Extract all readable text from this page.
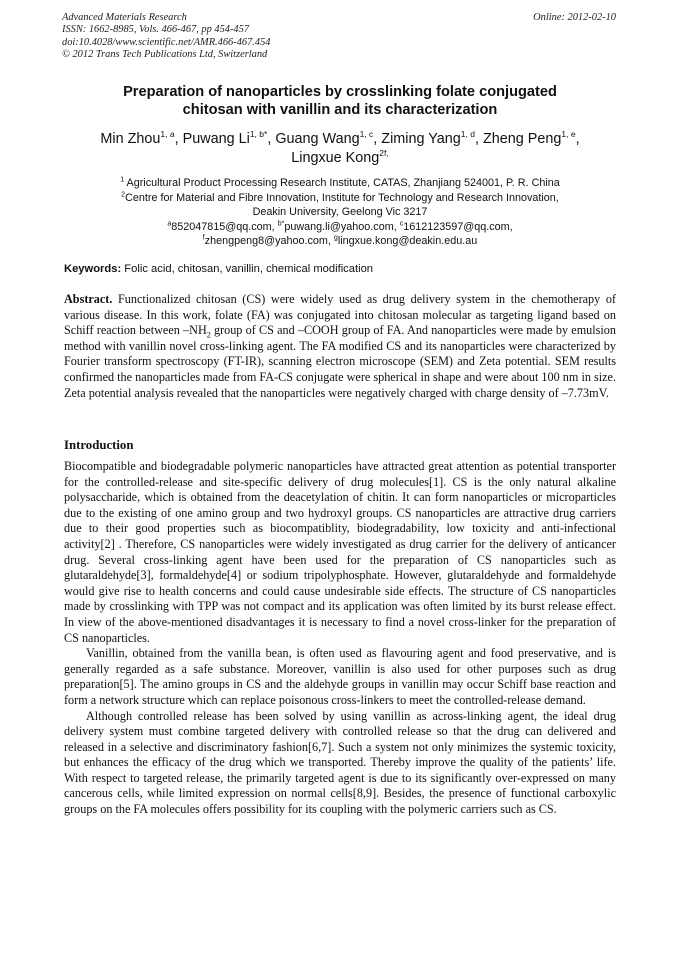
Advanced Materials Research
ISSN: 1662-8985, Vols. 466-467, pp 454-457
doi:10.4028/www.scientific.net/AMR.466-467.454
© 2012 Trans Tech Publications Ltd, Switzerland
Online: 2012-02-10
Preparation of nanoparticles by crosslinking folate conjugated
chitosan with vanillin and its characterization
Min Zhou$^{1, a}$, Puwang $Li^{1, b*}$, Guang Wang$^{1, c}$, Ziming Yang$^{1, d}$, Zheng Peng$^{1, e}$,
Lingxue Kong$^{2f,}$
$^1$ Agricultural Product Processing Research Institute, CATAS, Zhanjiang 524001, P. R. China
$^2$Centre for Material and Fibre Innovation, Institute for Technology and Research Innovation,
Deakin University, Geelong Vic 3217
$^a$852047815@qq.com, $^{b*}$puwang.li@yahoo.com, $^c$1612123597@qq.com,
$^f$zhengpeng8@yahoo.com, $^g$lingxue.kong@deakin.edu.au
Keywords: Folic acid, chitosan, vanillin, chemical modification
Abstract. Functionalized chitosan (CS) were widely used as drug delivery system in the chemotherapy of various disease. In this work, folate (FA) was conjugated into chitosan molecular as targeting ligand based on Schiff reaction between $-NH_2$ group of CS and –COOH group of FA. And nanoparticles were made by emulsion method with vanillin novel cross-linking agent. The FA modified CS and its nanoparticles were characterized by Fourier transform spectroscopy (FT-IR), scanning electron microscope (SEM) and Zeta potential. SEM results confirmed the nanoparticles made from FA-CS conjugate were spherical in shape and were about 100 nm in size. Zeta potential analysis revealed that the nanoparticles were negatively charged with charge density of –7.73mV.
Introduction

Biocompatible and biodegradable polymeric nanoparticles have attracted great attention as potential transporter for the controlled-release and site-specific delivery of drug molecules[1]. CS is the only natural alkaline polysaccharide, which is obtained from the deacetylation of chitin. It can form nanoparticles or microparticles due to the existing of one amino group and two hydroxyl groups. CS nanoparticles are attractive drug carriers due to their good properties such as biocompatiblity, biodegradability, low toxicity and anti-infectional activity[2] . Therefore, CS nanoparticles were widely investigated as drug carrier for the delivery of anticancer drug. Several cross-linking agent have been used for the preparation of CS nanoparticles such as glutaraldehyde[3], formaldehyde[4] or sodium tripolyphosphate. However, glutaraldehyde and formaldehyde would give rise to health concerns and could cause undesirable side effects. The structure of CS nanoparticles made by crosslinking with TPP was not compact and its application was often limited by its burst release effect. In view of the above-mentioned disadvantages it is necessary to find a novel cross-linker for the preparation of CS nanoparticles.

Vanillin, obtained from the vanilla bean, is often used as flavouring agent and food preservative, and is generally regarded as a safe substance. Moreover, vanillin is also used for other purposes such as drug preparation[5]. The amino groups in CS and the aldehyde groups in vanillin may occur Schiff base reaction and form a network structure which can replace poisonous cross-linkers to meet the controlled-release demand.

Although controlled release has been solved by using vanillin as across-linking agent, the ideal drug delivery system must combine targeted delivery with controlled release so that the drug can delivered and released in a selective and discriminatory fashion[6,7]. Such a system not only minimizes the systemic toxicity, but enhances the efficacy of the drug which we transported. Thereby improve the quality of the patients’ life. With respect to targeted release, the primarily targeted agent is due to its significantly over-expressed on many cancerous cells, while limited expression on normal cells[8,9]. Besides, the presence of functional carboxylic groups on the FA molecules offers possibility for its coupling with the polymeric carriers such as CS.
